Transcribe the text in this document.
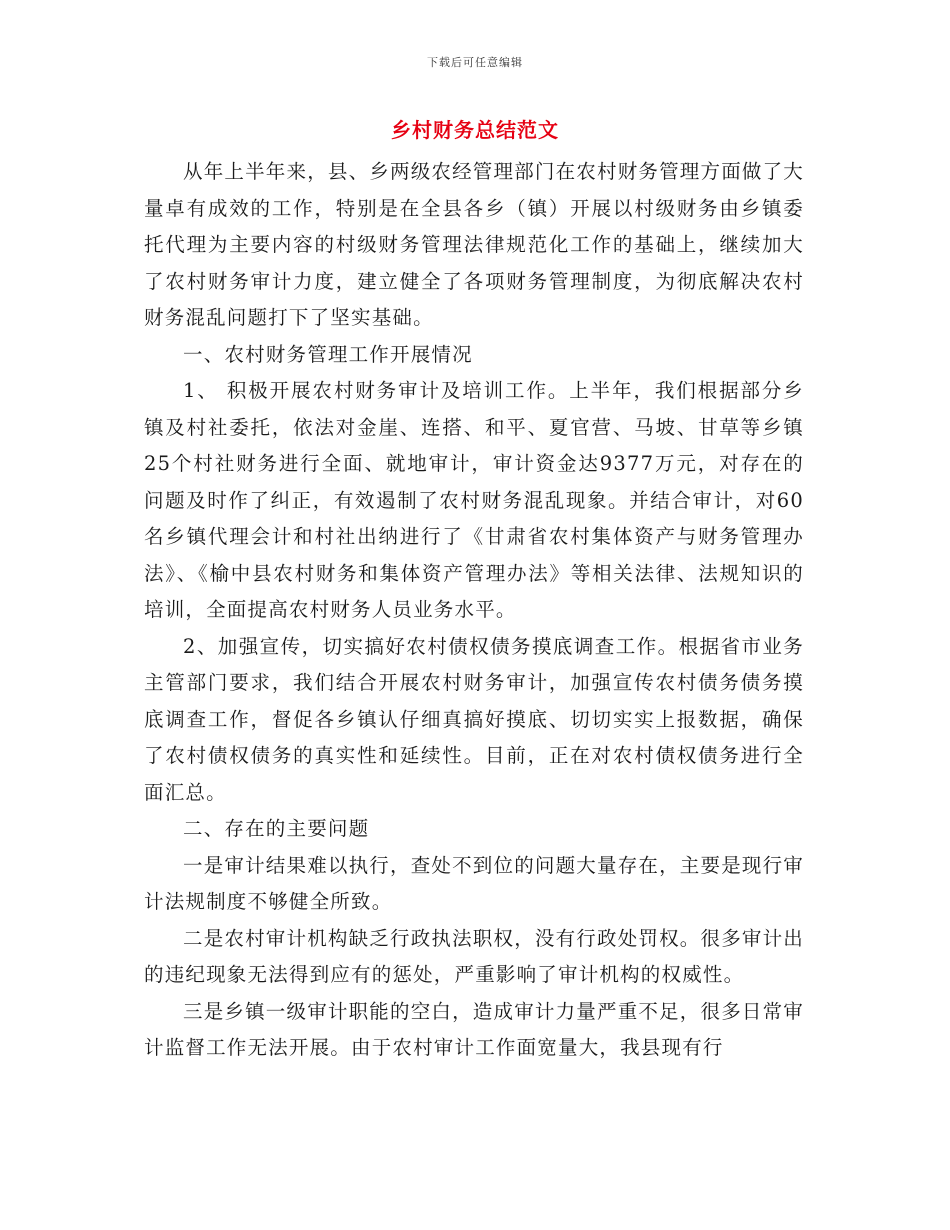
下载后可任意编辑
乡村财务总结范文

从年上半年来，县、乡两级农经管理部门在农村财务管理方面做了大量卓有成效的工作，特别是在全县各乡（镇）开展以村级财务由乡镇委托代理为主要内容的村级财务管理法律规范化工作的基础上，继续加大了农村财务审计力度，建立健全了各项财务管理制度，为彻底解决农村财务混乱问题打下了坚实基础。

一、农村财务管理工作开展情况

1、 积极开展农村财务审计及培训工作。上半年，我们根据部分乡镇及村社委托，依法对金崖、连搭、和平、夏官营、马坡、甘草等乡镇25个村社财务进行全面、就地审计，审计资金达9377万元，对存在的问题及时作了纠正，有效遏制了农村财务混乱现象。并结合审计，对60名乡镇代理会计和村社出纳进行了《甘肃省农村集体资产与财务管理办法》、《榆中县农村财务和集体资产管理办法》等相关法律、法规知识的培训，全面提高农村财务人员业务水平。

2、加强宣传，切实搞好农村债权债务摸底调查工作。根据省市业务主管部门要求，我们结合开展农村财务审计，加强宣传农村债务债务摸底调查工作，督促各乡镇认仔细真搞好摸底、切切实实上报数据，确保了农村债权债务的真实性和延续性。目前，正在对农村债权债务进行全面汇总。

二、存在的主要问题

一是审计结果难以执行，查处不到位的问题大量存在，主要是现行审计法规制度不够健全所致。

二是农村审计机构缺乏行政执法职权，没有行政处罚权。很多审计出的违纪现象无法得到应有的惩处，严重影响了审计机构的权威性。

三是乡镇一级审计职能的空白，造成审计力量严重不足，很多日常审计监督工作无法开展。由于农村审计工作面宽量大，我县现有行
